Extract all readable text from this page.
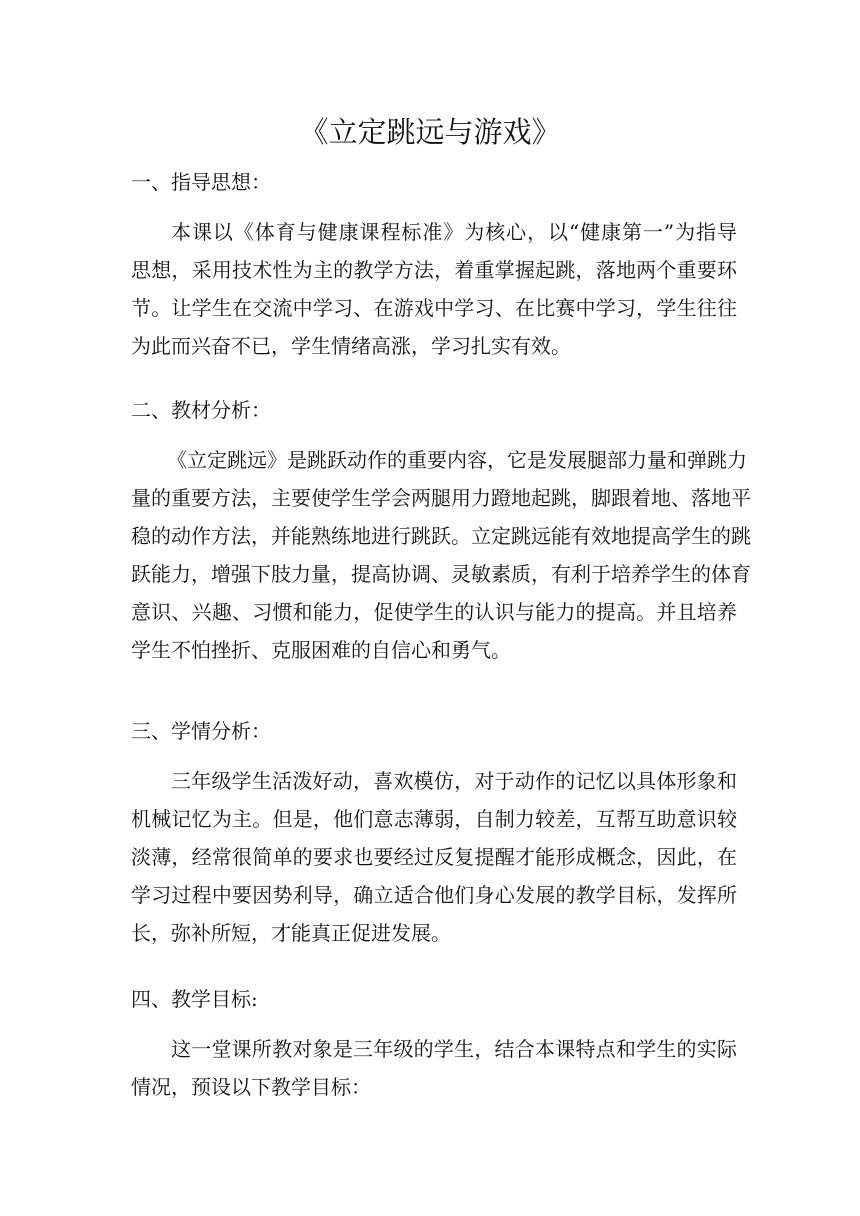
《立定跳远与游戏》
一、指导思想：
本课以《体育与健康课程标准》为核心，以“健康第一”为指导
思想，采用技术性为主的教学方法，着重掌握起跳，落地两个重要环
节。让学生在交流中学习、在游戏中学习、在比赛中学习，学生往往
为此而兴奋不已，学生情绪高涨，学习扎实有效。
二、教材分析：
《立定跳远》是跳跃动作的重要内容，它是发展腿部力量和弹跳力
量的重要方法，主要使学生学会两腿用力蹬地起跳，脚跟着地、落地平
稳的动作方法，并能熟练地进行跳跃。立定跳远能有效地提高学生的跳
跃能力，增强下肢力量，提高协调、灵敏素质，有利于培养学生的体育
意识、兴趣、习惯和能力，促使学生的认识与能力的提高。并且培养
学生不怕挫折、克服困难的自信心和勇气。
三、学情分析：
三年级学生活泼好动，喜欢模仿，对于动作的记忆以具体形象和
机械记忆为主。但是，他们意志薄弱，自制力较差，互帮互助意识较
淡薄，经常很简单的要求也要经过反复提醒才能形成概念，因此，在
学习过程中要因势利导，确立适合他们身心发展的教学目标，发挥所
长，弥补所短，才能真正促进发展。
四、教学目标:
这一堂课所教对象是三年级的学生，结合本课特点和学生的实际
情况，预设以下教学目标：
